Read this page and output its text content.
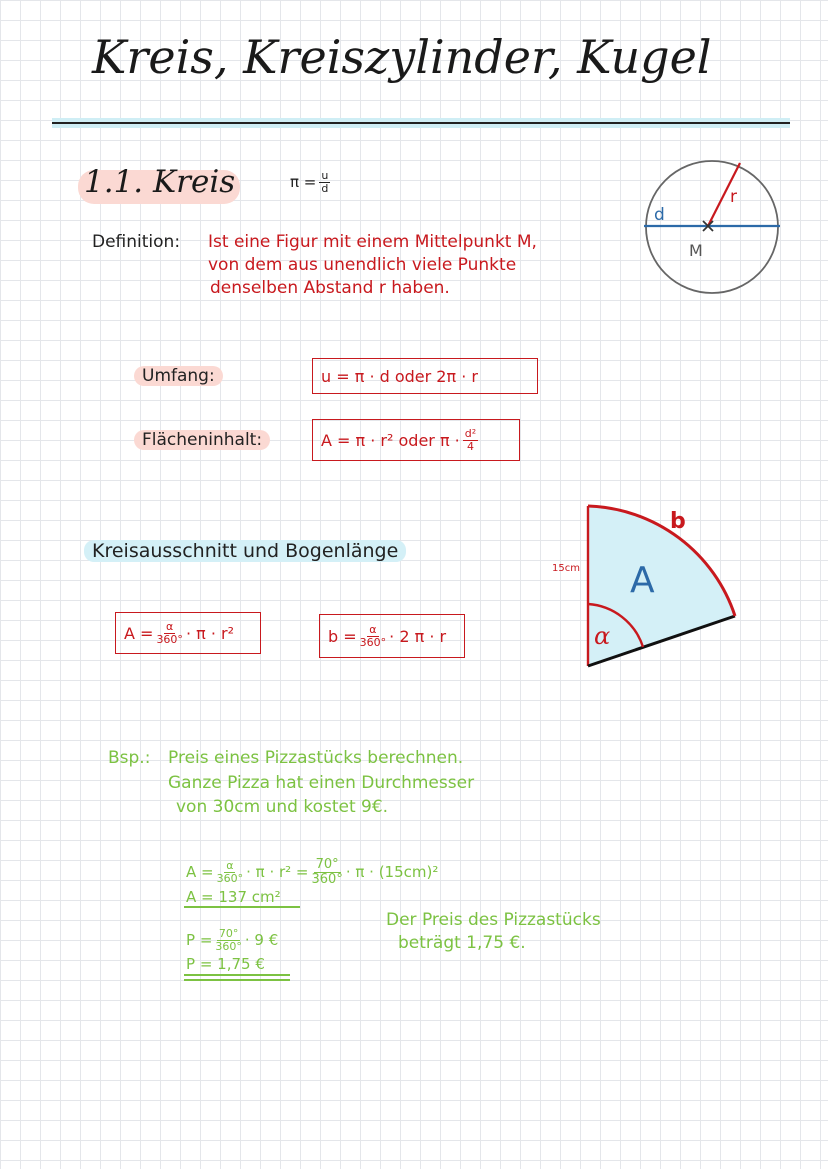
Kreis, Kreiszylinder, Kugel
1.1. Kreis	$\pi = \frac{u}{d}$
Definition: Ist eine Figur mit einem Mittelpunkt M,
von dem aus unendlich viele Punkte
denselben Abstand r haben.
d
r
M
Umfang:	u = π · d oder 2π · r
Flächeninhalt:	A = π · r² oder $\pi \cdot \frac{\text{d²}}{4}$
Kreisausschnitt und Bogenlänge
$A = \frac{\alpha}{360^\circ} \cdot \pi \cdot r^2$	$b = \frac{\alpha}{360^\circ} \cdot 2$ π · r
b
A
α
15cm
Bsp.: Preis eines Pizzastücks berechnen.
Ganze Pizza hat einen Durchmesser
von 30cm und kostet 9€.
$A = \frac{\alpha}{360^\circ} \cdot \pi \cdot r^2 = \frac{70^\circ}{360^\circ} \cdot \pi \cdot (15cm)^2$
A = 137 cm²
$P = \frac{70^\circ}{360^\circ} \cdot 9$ €
P = 1,75 €
Der Preis des Pizzastücks
beträgt 1,75 €.
